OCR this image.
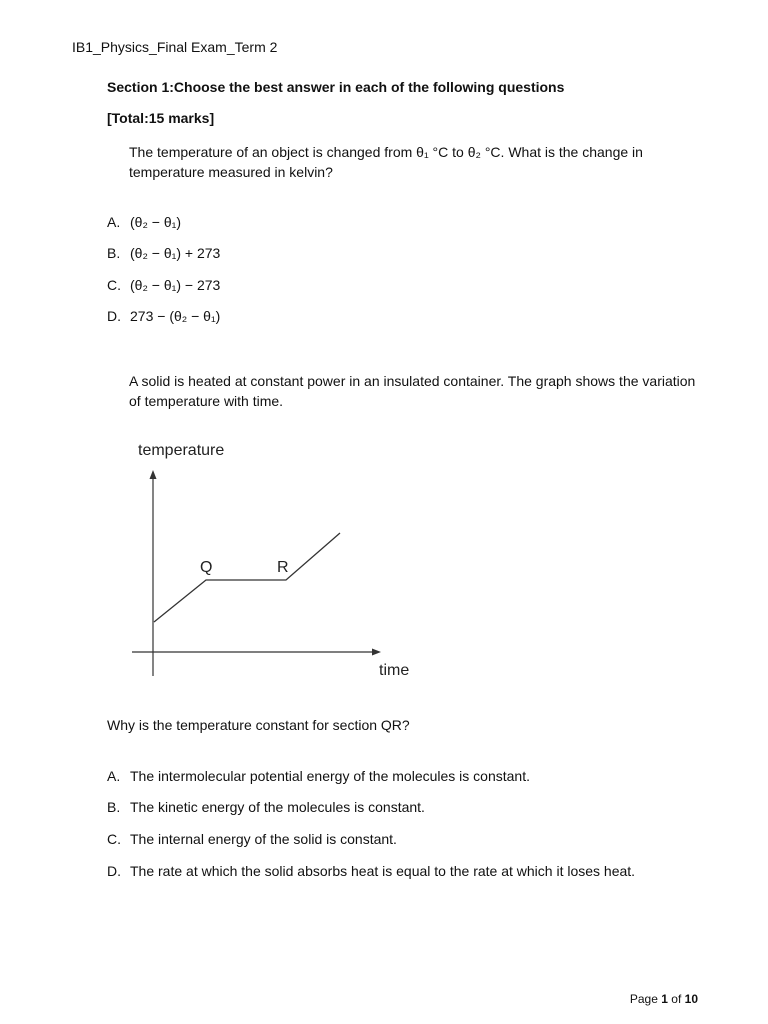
IB1_Physics_Final Exam_Term 2
Section 1:Choose the best answer in each of the following questions
[Total:15 marks]
The temperature of an object is changed from θ₁ °C to θ₂ °C. What is the change in temperature measured in kelvin?
A. (θ₂ − θ₁)
B. (θ₂ − θ₁) + 273
C. (θ₂ − θ₁) − 273
D. 273 − (θ₂ − θ₁)
A solid is heated at constant power in an insulated container. The graph shows the variation of temperature with time.
temperature
time
Q	R
Why is the temperature constant for section QR?
A. The intermolecular potential energy of the molecules is constant.
B. The kinetic energy of the molecules is constant.
C. The internal energy of the solid is constant.
D. The rate at which the solid absorbs heat is equal to the rate at which it loses heat.
Page 1 of 10
